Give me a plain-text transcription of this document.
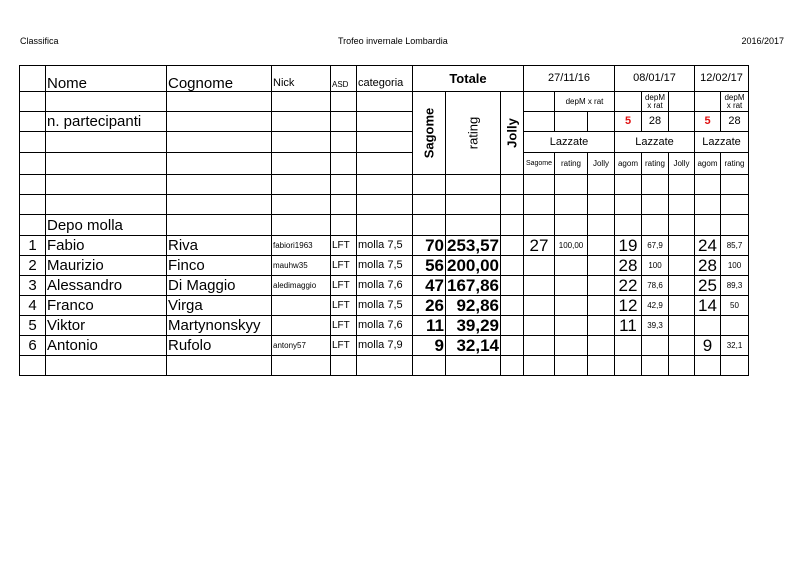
Classifica	Trofeo invernale Lombardia	2016/2017
	Nome	Cognome	Nick	ASD	categoria	Totale			27/11/16			08/01/17			12/02/17	

						Sagome	rating	Jolly		depM x rat			depM x rat			depM x rat
	n. partecipanti											5	28		5	28
									Lazzate			Lazzate			Lazzate	
									Sagome	rating	Jolly	agom	rating	Jolly	agom	rating

	Depo molla															
1	Fabio	Riva	fabiori1963	LFT	molla 7,5	70	253,57		27	100,00		19	67,9		24	85,7
2	Maurizio	Finco	mauhw35	LFT	molla 7,5	56	200,00					28	100		28	100
3	Alessandro	Di Maggio	aledimaggio	LFT	molla 7,6	47	167,86					22	78,6		25	89,3
4	Franco	Virga		LFT	molla 7,5	26	92,86					12	42,9		14	50
5	Viktor	Martynonskyy		LFT	molla 7,6	11	39,29					11	39,3			
6	Antonio	Rufolo	antony57	LFT	molla 7,9	9	32,14								9	32,1
